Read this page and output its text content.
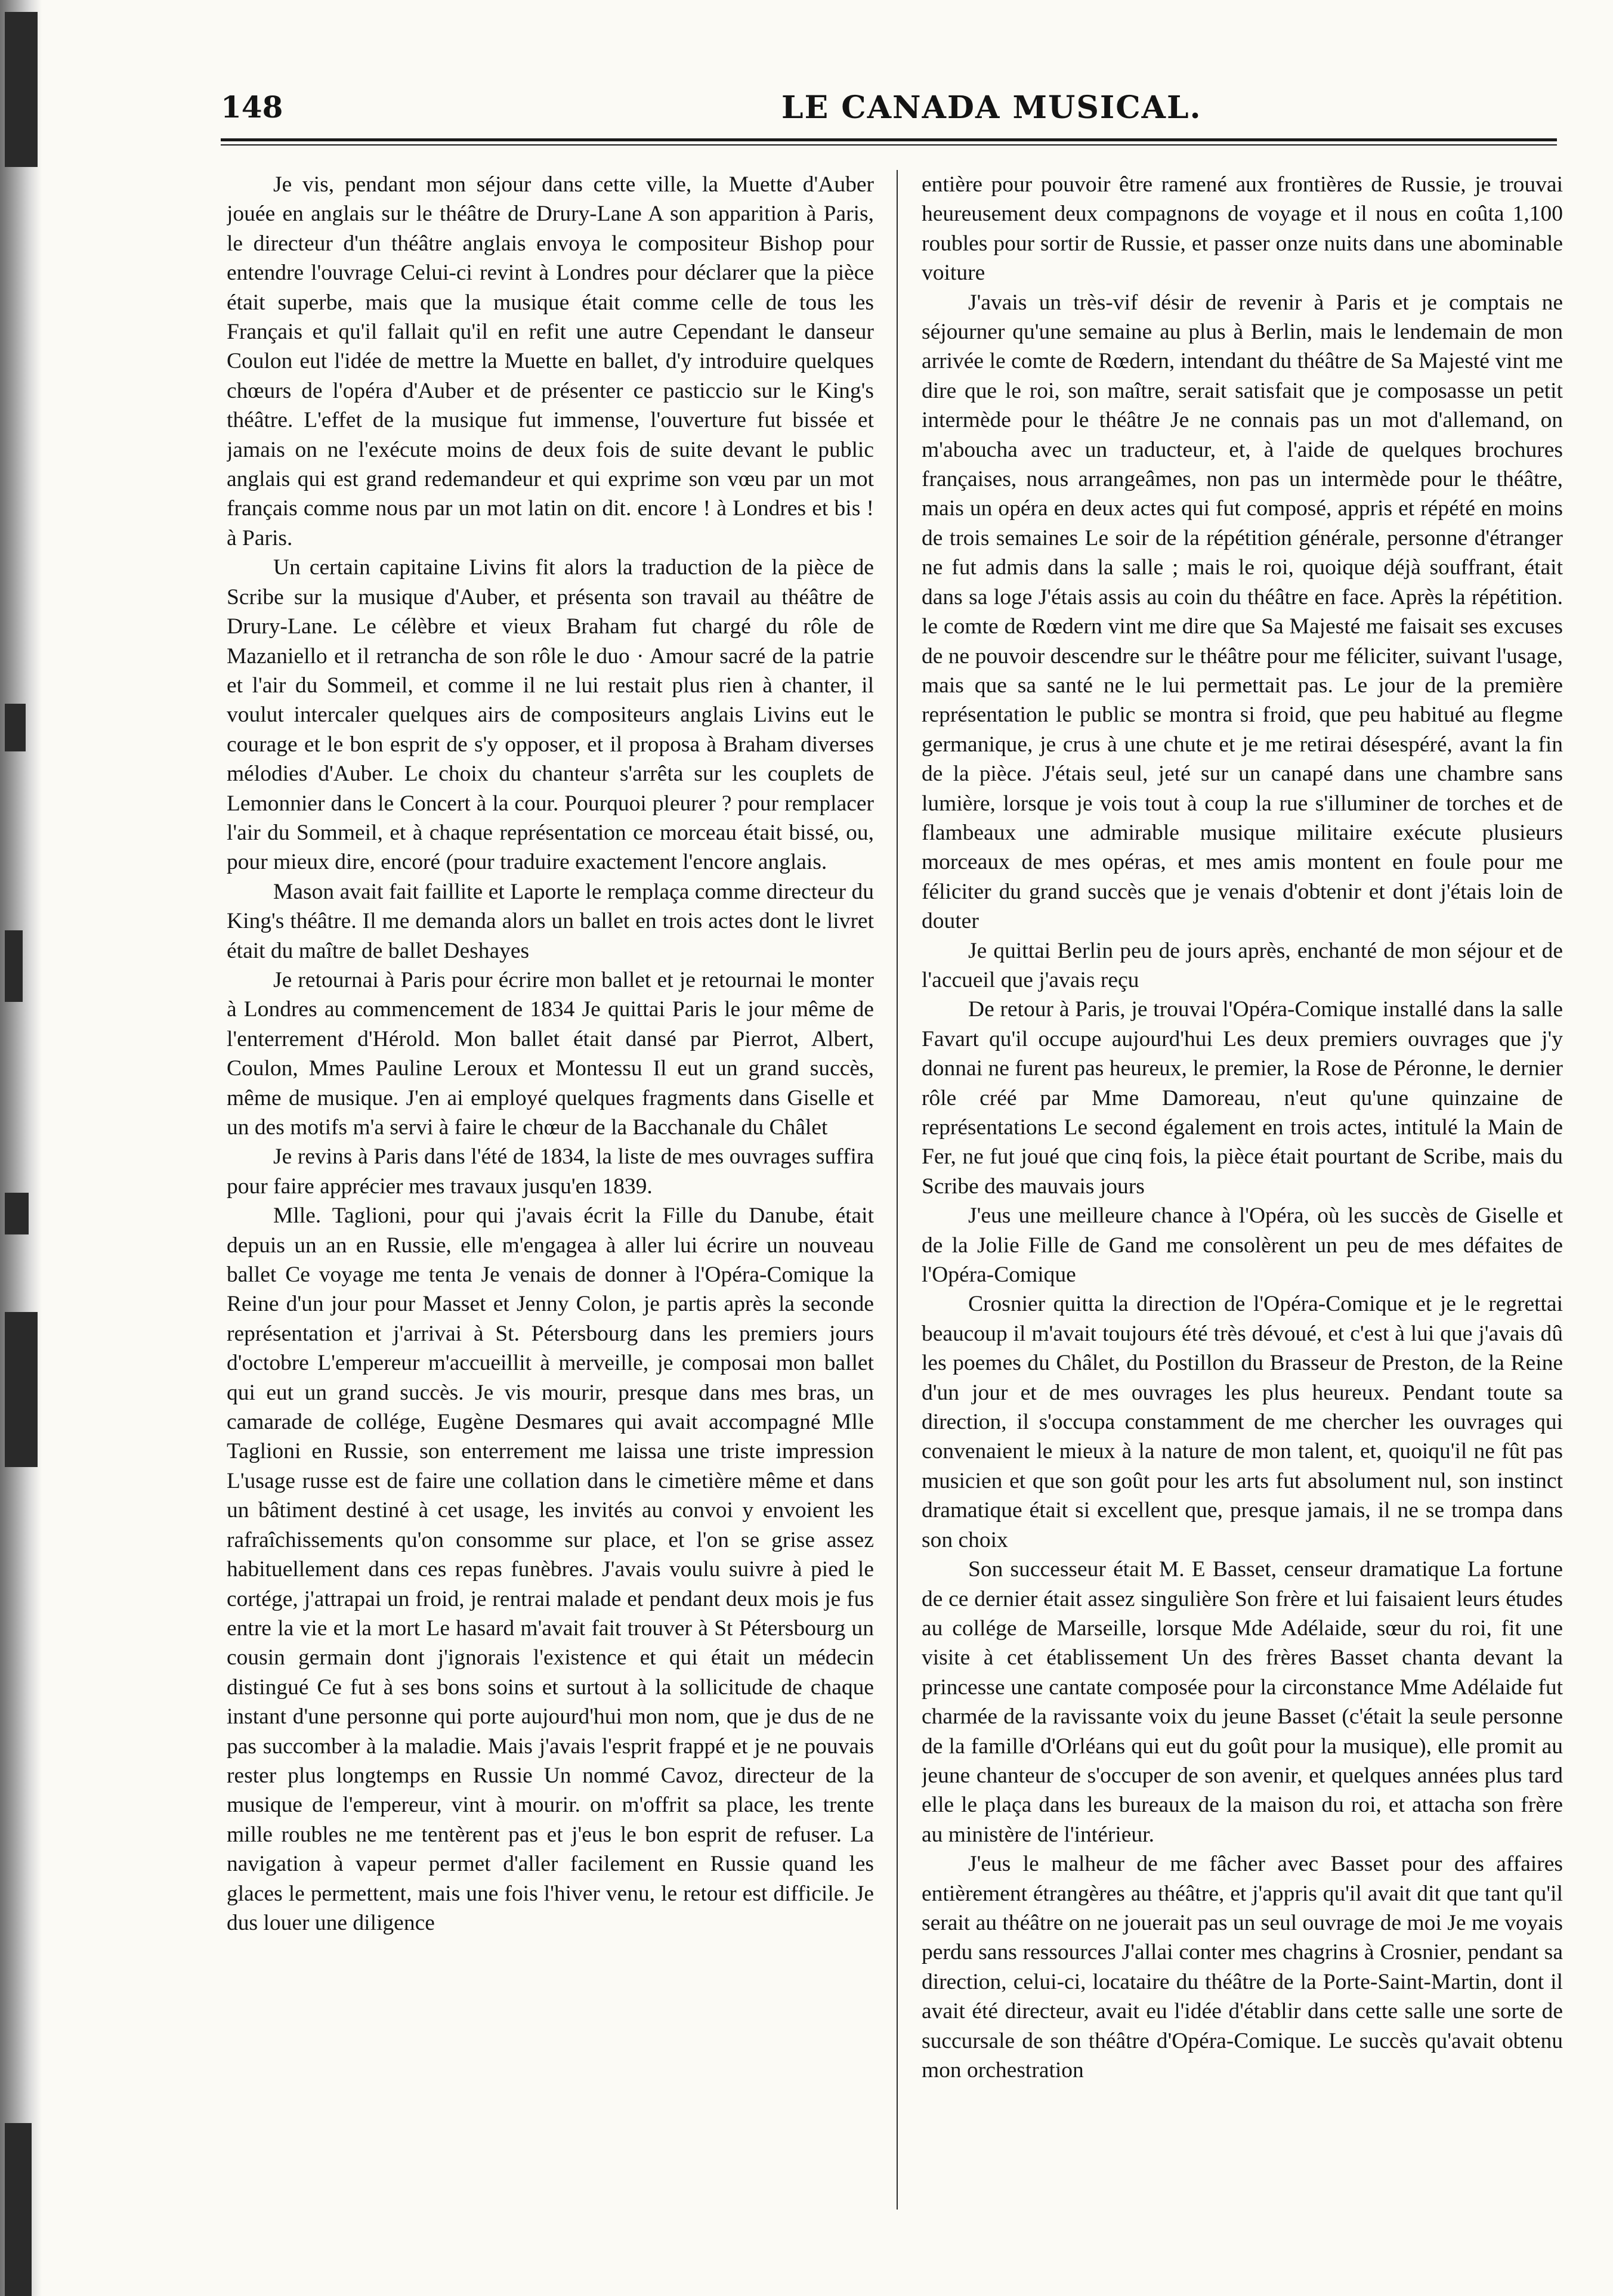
148	LE CANADA MUSICAL.

Je vis, pendant mon séjour dans cette ville, la Muette d'Auber jouée en anglais sur le théâtre de Drury-Lane A son apparition à Paris, le directeur d'un théâtre anglais envoya le compositeur Bishop pour entendre l'ouvrage Celui-ci revint à Londres pour déclarer que la pièce était superbe, mais que la musique était comme celle de tous les Français et qu'il fallait qu'il en refit une autre Cependant le danseur Coulon eut l'idée de mettre la Muette en ballet, d'y introduire quelques chœurs de l'opéra d'Auber et de présenter ce pasticcio sur le King's théâtre. L'effet de la musique fut immense, l'ouverture fut bissée et jamais on ne l'exécute moins de deux fois de suite devant le public anglais qui est grand redemandeur et qui exprime son vœu par un mot français comme nous par un mot latin on dit. encore ! à Londres et bis ! à Paris.

Un certain capitaine Livins fit alors la traduction de la pièce de Scribe sur la musique d'Auber, et présenta son travail au théâtre de Drury-Lane. Le célèbre et vieux Braham fut chargé du rôle de Mazaniello et il retrancha de son rôle le duo · Amour sacré de la patrie et l'air du Sommeil, et comme il ne lui restait plus rien à chanter, il voulut intercaler quelques airs de compositeurs anglais Livins eut le courage et le bon esprit de s'y opposer, et il proposa à Braham diverses mélodies d'Auber. Le choix du chanteur s'arrêta sur les couplets de Lemonnier dans le Concert à la cour. Pourquoi pleurer ? pour remplacer l'air du Sommeil, et à chaque représentation ce morceau était bissé, ou, pour mieux dire, encoré (pour traduire exactement l'encore anglais.

Mason avait fait faillite et Laporte le remplaça comme directeur du King's théâtre. Il me demanda alors un ballet en trois actes dont le livret était du maître de ballet Deshayes

Je retournai à Paris pour écrire mon ballet et je retournai le monter à Londres au commencement de 1834 Je quittai Paris le jour même de l'enterrement d'Hérold. Mon ballet était dansé par Pierrot, Albert, Coulon, Mmes Pauline Leroux et Montessu Il eut un grand succès, même de musique. J'en ai employé quelques fragments dans Giselle et un des motifs m'a servi à faire le chœur de la Bacchanale du Châlet

Je revins à Paris dans l'été de 1834, la liste de mes ouvrages suffira pour faire apprécier mes travaux jusqu'en 1839.

Mlle. Taglioni, pour qui j'avais écrit la Fille du Danube, était depuis un an en Russie, elle m'engagea à aller lui écrire un nouveau ballet Ce voyage me tenta Je venais de donner à l'Opéra-Comique la Reine d'un jour pour Masset et Jenny Colon, je partis après la seconde représentation et j'arrivai à St. Pétersbourg dans les premiers jours d'octobre L'empereur m'accueillit à merveille, je composai mon ballet qui eut un grand succès. Je vis mourir, presque dans mes bras, un camarade de collége, Eugène Desmares qui avait accompagné Mlle Taglioni en Russie, son enterrement me laissa une triste impression L'usage russe est de faire une collation dans le cimetière même et dans un bâtiment destiné à cet usage, les invités au convoi y envoient les rafraîchissements qu'on consomme sur place, et l'on se grise assez habituellement dans ces repas funèbres. J'avais voulu suivre à pied le cortége, j'attrapai un froid, je rentrai malade et pendant deux mois je fus entre la vie et la mort Le hasard m'avait fait trouver à St Pétersbourg un cousin germain dont j'ignorais l'existence et qui était un médecin distingué Ce fut à ses bons soins et surtout à la sollicitude de chaque instant d'une personne qui porte aujourd'hui mon nom, que je dus de ne pas succomber à la maladie. Mais j'avais l'esprit frappé et je ne pouvais rester plus longtemps en Russie Un nommé Cavoz, directeur de la musique de l'empereur, vint à mourir. on m'offrit sa place, les trente mille roubles ne me tentèrent pas et j'eus le bon esprit de refuser. La navigation à vapeur permet d'aller facilement en Russie quand les glaces le permettent, mais une fois l'hiver venu, le retour est difficile. Je dus louer une diligence

entière pour pouvoir être ramené aux frontières de Russie, je trouvai heureusement deux compagnons de voyage et il nous en coûta 1,100 roubles pour sortir de Russie, et passer onze nuits dans une abominable voiture

J'avais un très-vif désir de revenir à Paris et je comptais ne séjourner qu'une semaine au plus à Berlin, mais le lendemain de mon arrivée le comte de Rœdern, intendant du théâtre de Sa Majesté vint me dire que le roi, son maître, serait satisfait que je composasse un petit intermède pour le théâtre Je ne connais pas un mot d'allemand, on m'aboucha avec un traducteur, et, à l'aide de quelques brochures françaises, nous arrangeâmes, non pas un intermède pour le théâtre, mais un opéra en deux actes qui fut composé, appris et répété en moins de trois semaines Le soir de la répétition générale, personne d'étranger ne fut admis dans la salle ; mais le roi, quoique déjà souffrant, était dans sa loge J'étais assis au coin du théâtre en face. Après la répétition. le comte de Rœdern vint me dire que Sa Majesté me faisait ses excuses de ne pouvoir descendre sur le théâtre pour me féliciter, suivant l'usage, mais que sa santé ne le lui permettait pas. Le jour de la première représentation le public se montra si froid, que peu habitué au flegme germanique, je crus à une chute et je me retirai désespéré, avant la fin de la pièce. J'étais seul, jeté sur un canapé dans une chambre sans lumière, lorsque je vois tout à coup la rue s'illuminer de torches et de flambeaux une admirable musique militaire exécute plusieurs morceaux de mes opéras, et mes amis montent en foule pour me féliciter du grand succès que je venais d'obtenir et dont j'étais loin de douter

Je quittai Berlin peu de jours après, enchanté de mon séjour et de l'accueil que j'avais reçu

De retour à Paris, je trouvai l'Opéra-Comique installé dans la salle Favart qu'il occupe aujourd'hui Les deux premiers ouvrages que j'y donnai ne furent pas heureux, le premier, la Rose de Péronne, le dernier rôle créé par Mme Damoreau, n'eut qu'une quinzaine de représentations Le second également en trois actes, intitulé la Main de Fer, ne fut joué que cinq fois, la pièce était pourtant de Scribe, mais du Scribe des mauvais jours

J'eus une meilleure chance à l'Opéra, où les succès de Giselle et de la Jolie Fille de Gand me consolèrent un peu de mes défaites de l'Opéra-Comique

Crosnier quitta la direction de l'Opéra-Comique et je le regrettai beaucoup il m'avait toujours été très dévoué, et c'est à lui que j'avais dû les poemes du Châlet, du Postillon du Brasseur de Preston, de la Reine d'un jour et de mes ouvrages les plus heureux. Pendant toute sa direction, il s'occupa constamment de me chercher les ouvrages qui convenaient le mieux à la nature de mon talent, et, quoiqu'il ne fût pas musicien et que son goût pour les arts fut absolument nul, son instinct dramatique était si excellent que, presque jamais, il ne se trompa dans son choix

Son successeur était M. E Basset, censeur dramatique La fortune de ce dernier était assez singulière Son frère et lui faisaient leurs études au collége de Marseille, lorsque Mde Adélaide, sœur du roi, fit une visite à cet établissement Un des frères Basset chanta devant la princesse une cantate composée pour la circonstance Mme Adélaide fut charmée de la ravissante voix du jeune Basset (c'était la seule personne de la famille d'Orléans qui eut du goût pour la musique), elle promit au jeune chanteur de s'occuper de son avenir, et quelques années plus tard elle le plaça dans les bureaux de la maison du roi, et attacha son frère au ministère de l'intérieur.

J'eus le malheur de me fâcher avec Basset pour des affaires entièrement étrangères au théâtre, et j'appris qu'il avait dit que tant qu'il serait au théâtre on ne jouerait pas un seul ouvrage de moi Je me voyais perdu sans ressources J'allai conter mes chagrins à Crosnier, pendant sa direction, celui-ci, locataire du théâtre de la Porte-Saint-Martin, dont il avait été directeur, avait eu l'idée d'établir dans cette salle une sorte de succursale de son théâtre d'Opéra-Comique. Le succès qu'avait obtenu mon orchestration
